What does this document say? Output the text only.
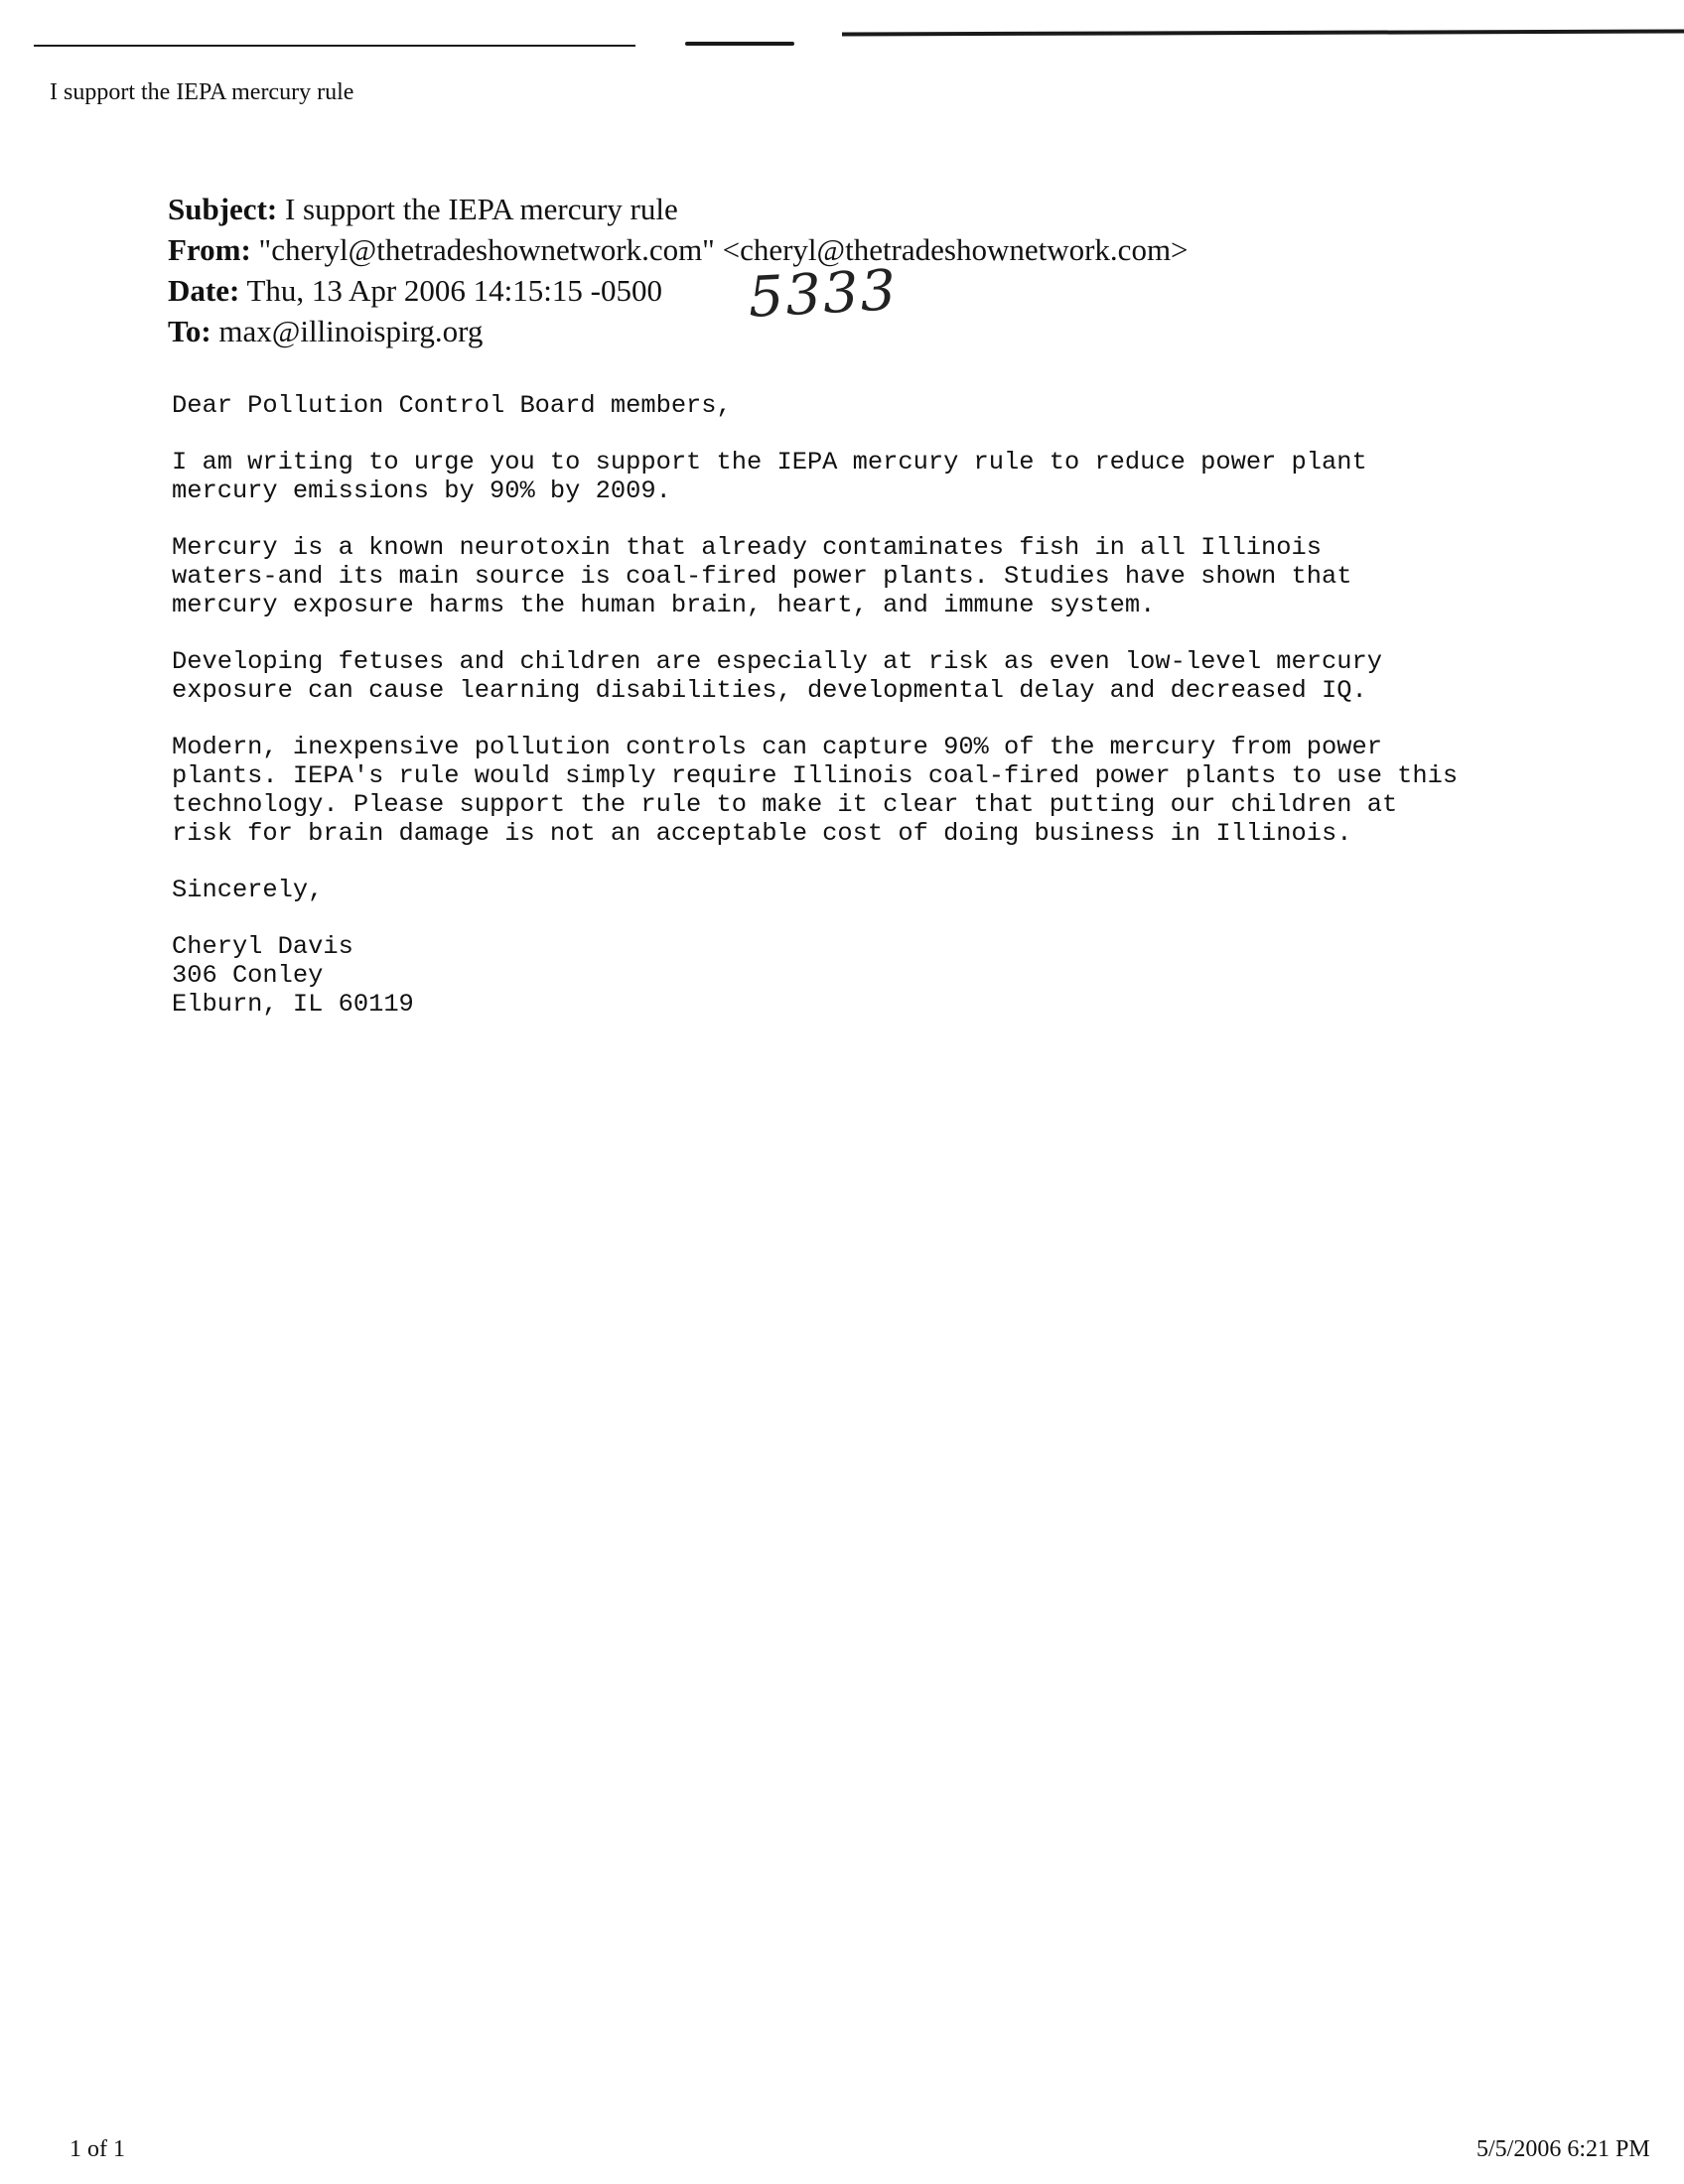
I support the IEPA mercury rule
Subject: I support the IEPA mercury rule
From: "cheryl@thetradeshownetwork.com" <cheryl@thetradeshownetwork.com>
Date: Thu, 13 Apr 2006 14:15:15 -0500
To: max@illinoispirg.org
5333

Dear Pollution Control Board members,

I am writing to urge you to support the IEPA mercury rule to reduce power plant
mercury emissions by 90% by 2009.

Mercury is a known neurotoxin that already contaminates fish in all Illinois
waters-and its main source is coal-fired power plants. Studies have shown that
mercury exposure harms the human brain, heart, and immune system.

Developing fetuses and children are especially at risk as even low-level mercury
exposure can cause learning disabilities, developmental delay and decreased IQ.

Modern, inexpensive pollution controls can capture 90% of the mercury from power
plants. IEPA's rule would simply require Illinois coal-fired power plants to use this
technology. Please support the rule to make it clear that putting our children at
risk for brain damage is not an acceptable cost of doing business in Illinois.

Sincerely,

Cheryl Davis
306 Conley
Elburn, IL 60119

1 of 1	5/5/2006 6:21 PM
